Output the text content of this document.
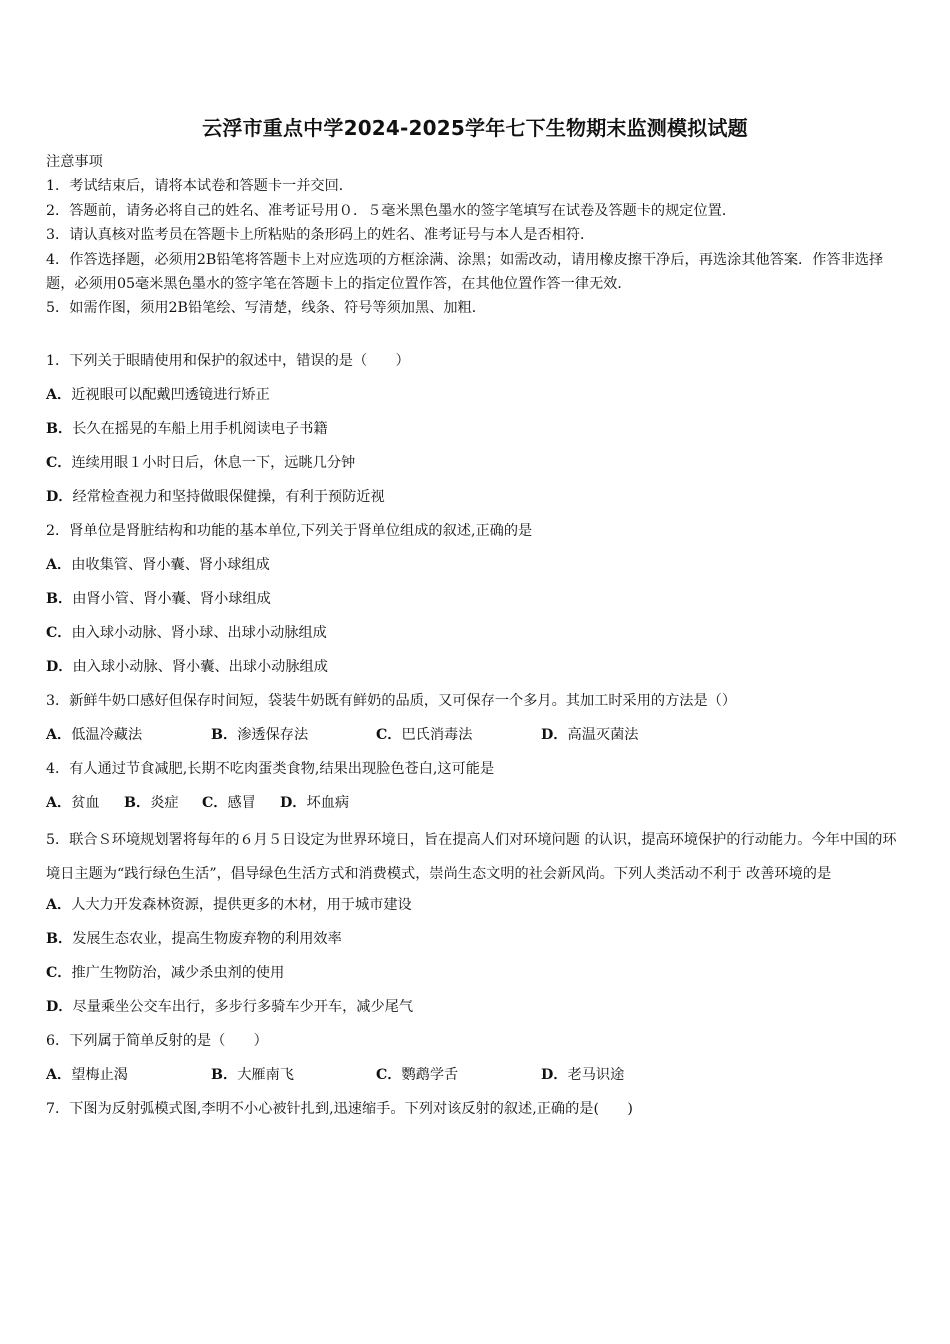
云浮市重点中学2024-2025学年七下生物期末监测模拟试题
注意事项
1．考试结束后，请将本试卷和答题卡一并交回．
2．答题前，请务必将自己的姓名、准考证号用０．５毫米黑色墨水的签字笔填写在试卷及答题卡的规定位置．
3．请认真核对监考员在答题卡上所粘贴的条形码上的姓名、准考证号与本人是否相符．
4．作答选择题，必须用2B铅笔将答题卡上对应选项的方框涂满、涂黑；如需改动，请用橡皮擦干净后，再选涂其他答案．作答非选择题，必须用05毫米黑色墨水的签字笔在答题卡上的指定位置作答，在其他位置作答一律无效．
5．如需作图，须用2B铅笔绘、写清楚，线条、符号等须加黑、加粗．
1．下列关于眼睛使用和保护的叙述中，错误的是（　　）
A．近视眼可以配戴凹透镜进行矫正
B．长久在摇晃的车船上用手机阅读电子书籍
C．连续用眼１小时日后，休息一下，远眺几分钟
D．经常检查视力和坚持做眼保健操，有利于预防近视
2．肾单位是肾脏结构和功能的基本单位,下列关于肾单位组成的叙述,正确的是
A．由收集管、肾小囊、肾小球组成
B．由肾小管、肾小囊、肾小球组成
C．由入球小动脉、肾小球、出球小动脉组成
D．由入球小动脉、肾小囊、出球小动脉组成
3．新鲜牛奶口感好但保存时间短，袋装牛奶既有鲜奶的品质，又可保存一个多月。其加工时采用的方法是（）
A．低温冷藏法	B．渗透保存法	C．巴氏消毒法	D．高温灭菌法
4．有人通过节食减肥,长期不吃肉蛋类食物,结果出现脸色苍白,这可能是
A．贫血 B．炎症 C．感冒 D．坏血病
5．联合Ｓ环境规划署将每年的６月５日设定为世界环境日，旨在提高人们对环境问题 的认识，提高环境保护的行动能力。今年中国的环境日主题为“践行绿色生活”，倡导绿色生活方式和消费模式，崇尚生态文明的社会新风尚。下列人类活动不利于 改善环境的是
A．人大力开发森林资源，提供更多的木材，用于城市建设
B．发展生态农业，提高生物废弃物的利用效率
C．推广生物防治，减少杀虫剂的使用
D．尽量乘坐公交车出行，多步行多骑车少开车，减少尾气
6．下列属于简单反射的是（　　）
A．望梅止渴	B．大雁南飞	C．鹦鹉学舌	D．老马识途
7．下图为反射弧模式图,李明不小心被针扎到,迅速缩手。下列对该反射的叙述,正确的是(　　)
